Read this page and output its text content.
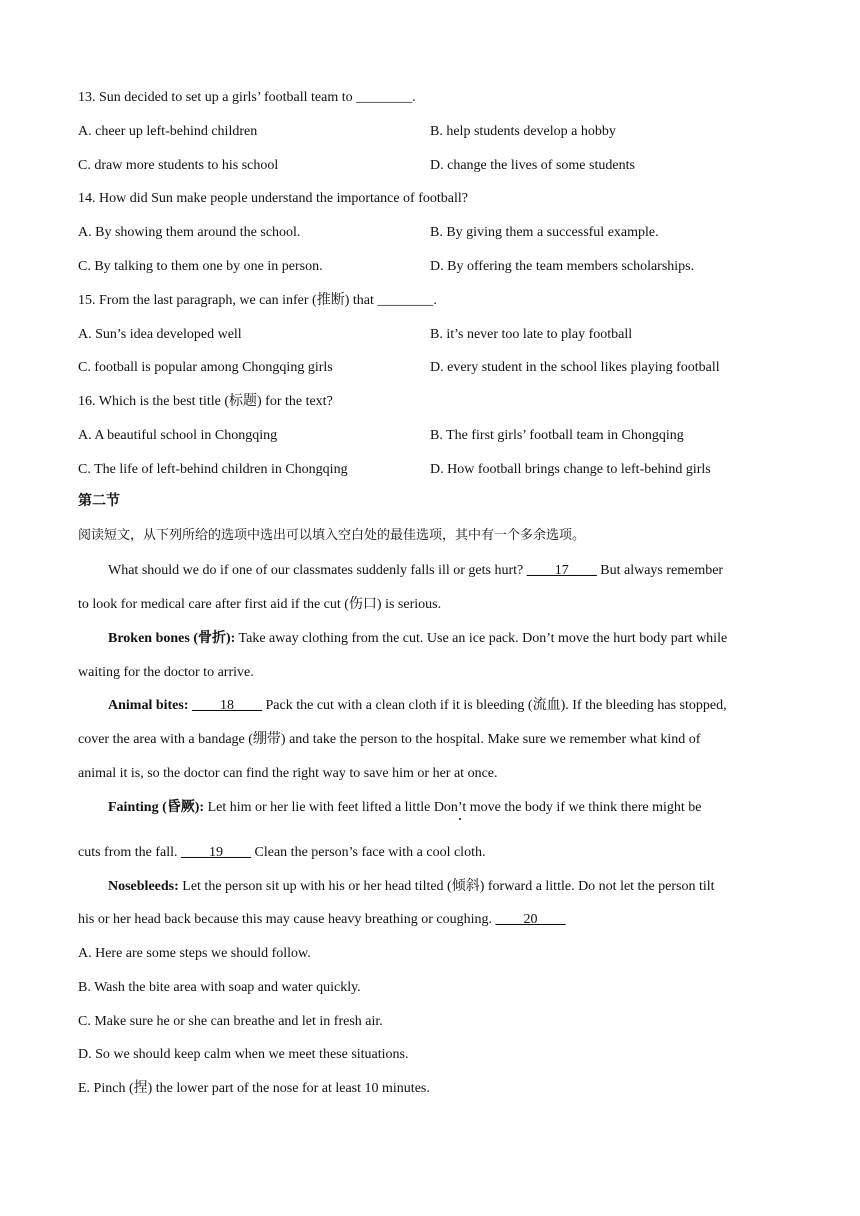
13. Sun decided to set up a girls’ football team to ________.
A. cheer up left-behind children	B. help students develop a hobby
C. draw more students to his school	D. change the lives of some students
14. How did Sun make people understand the importance of football?
A. By showing them around the school.	B. By giving them a successful example.
C. By talking to them one by one in person.	D. By offering the team members scholarships.
15. From the last paragraph, we can infer (推断) that ________.
A. Sun’s idea developed well	B. it’s never too late to play football
C. football is popular among Chongqing girls	D. every student in the school likes playing football
16. Which is the best title (标题) for the text?
A. A beautiful school in Chongqing	B. The first girls’ football team in Chongqing
C. The life of left-behind children in Chongqing	D. How football brings change to left-behind girls
第二节
阅读短文，从下列所给的选项中选出可以填入空白处的最佳选项，其中有一个多余选项。
What should we do if one of our classmates suddenly falls ill or gets hurt? ____17____ But always remember
to look for medical care after first aid if the cut (伤口) is serious.
Broken bones (骨折): Take away clothing from the cut. Use an ice pack. Don’t move the hurt body part while
waiting for the doctor to arrive.
Animal bites: ____18____ Pack the cut with a clean cloth if it is bleeding (流血). If the bleeding has stopped,
cover the area with a bandage (绷带) and take the person to the hospital. Make sure we remember what kind of
animal it is, so the doctor can find the right way to save him or her at once.
Fainting (昏厥): Let him or her lie with feet lifted a little Don’t move the body if we think there might be
cuts from the fall. ____19____ Clean the person’s face with a cool cloth.
Nosebleeds: Let the person sit up with his or her head tilted (倾斜) forward a little. Do not let the person tilt
his or her head back because this may cause heavy breathing or coughing. ____20____
A. Here are some steps we should follow.
B. Wash the bite area with soap and water quickly.
C. Make sure he or she can breathe and let in fresh air.
D. So we should keep calm when we meet these situations.
E. Pinch (捏) the lower part of the nose for at least 10 minutes.
